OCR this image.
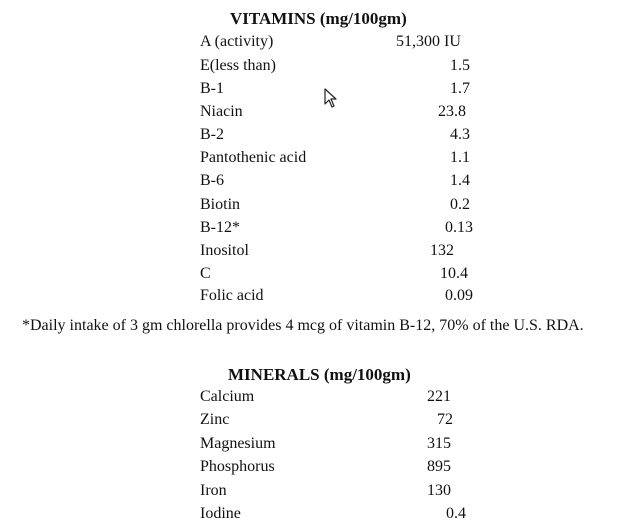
VITAMINS (mg/100gm)
A (activity)	51,300 IU
E(less than)	1.5
B-1	1.7
Niacin	23.8
B-2	4.3
Pantothenic acid	1.1
B-6	1.4
Biotin	0.2
B-12*	0.13
Inositol	132
C	10.4
Folic acid	0.09
*Daily intake of 3 gm chlorella provides 4 mcg of vitamin B-12, 70% of the U.S. RDA.
MINERALS (mg/100gm)
Calcium	221
Zinc	72
Magnesium	315
Phosphorus	895
Iron	130
Iodine	0.4
